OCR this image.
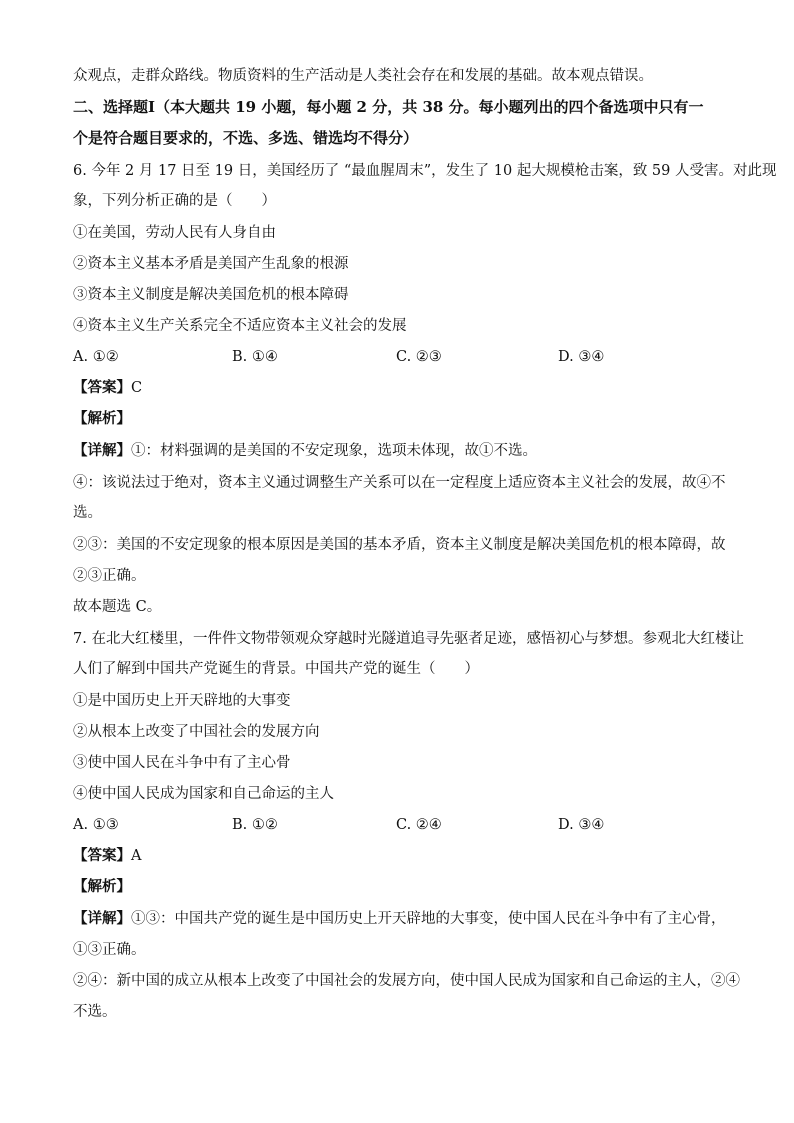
众观点，走群众路线。物质资料的生产活动是人类社会存在和发展的基础。故本观点错误。
二、选择题Ⅰ（本大题共 19 小题，每小题 2 分，共 38 分。每小题列出的四个备选项中只有一
个是符合题目要求的，不选、多选、错选均不得分）
6. 今年 2 月 17 日至 19 日，美国经历了 “最血腥周末”，发生了 10 起大规模枪击案，致 59 人受害。对此现
象，下列分析正确的是（　　）
①在美国，劳动人民有人身自由
②资本主义基本矛盾是美国产生乱象的根源
③资本主义制度是解决美国危机的根本障碍
④资本主义生产关系完全不适应资本主义社会的发展
A. ①②	B. ①④	C. ②③	D. ③④
【答案】C
【解析】
【详解】①：材料强调的是美国的不安定现象，选项未体现，故①不选。
④：该说法过于绝对，资本主义通过调整生产关系可以在一定程度上适应资本主义社会的发展，故④不
选。
②③：美国的不安定现象的根本原因是美国的基本矛盾，资本主义制度是解决美国危机的根本障碍，故
②③正确。
故本题选 C。
7. 在北大红楼里，一件件文物带领观众穿越时光隧道追寻先驱者足迹，感悟初心与梦想。参观北大红楼让
人们了解到中国共产党诞生的背景。中国共产党的诞生（　　）
①是中国历史上开天辟地的大事变
②从根本上改变了中国社会的发展方向
③使中国人民在斗争中有了主心骨
④使中国人民成为国家和自己命运的主人
A. ①③	B. ①②	C. ②④	D. ③④
【答案】A
【解析】
【详解】①③：中国共产党的诞生是中国历史上开天辟地的大事变，使中国人民在斗争中有了主心骨，
①③正确。
②④：新中国的成立从根本上改变了中国社会的发展方向，使中国人民成为国家和自己命运的主人，②④
不选。
